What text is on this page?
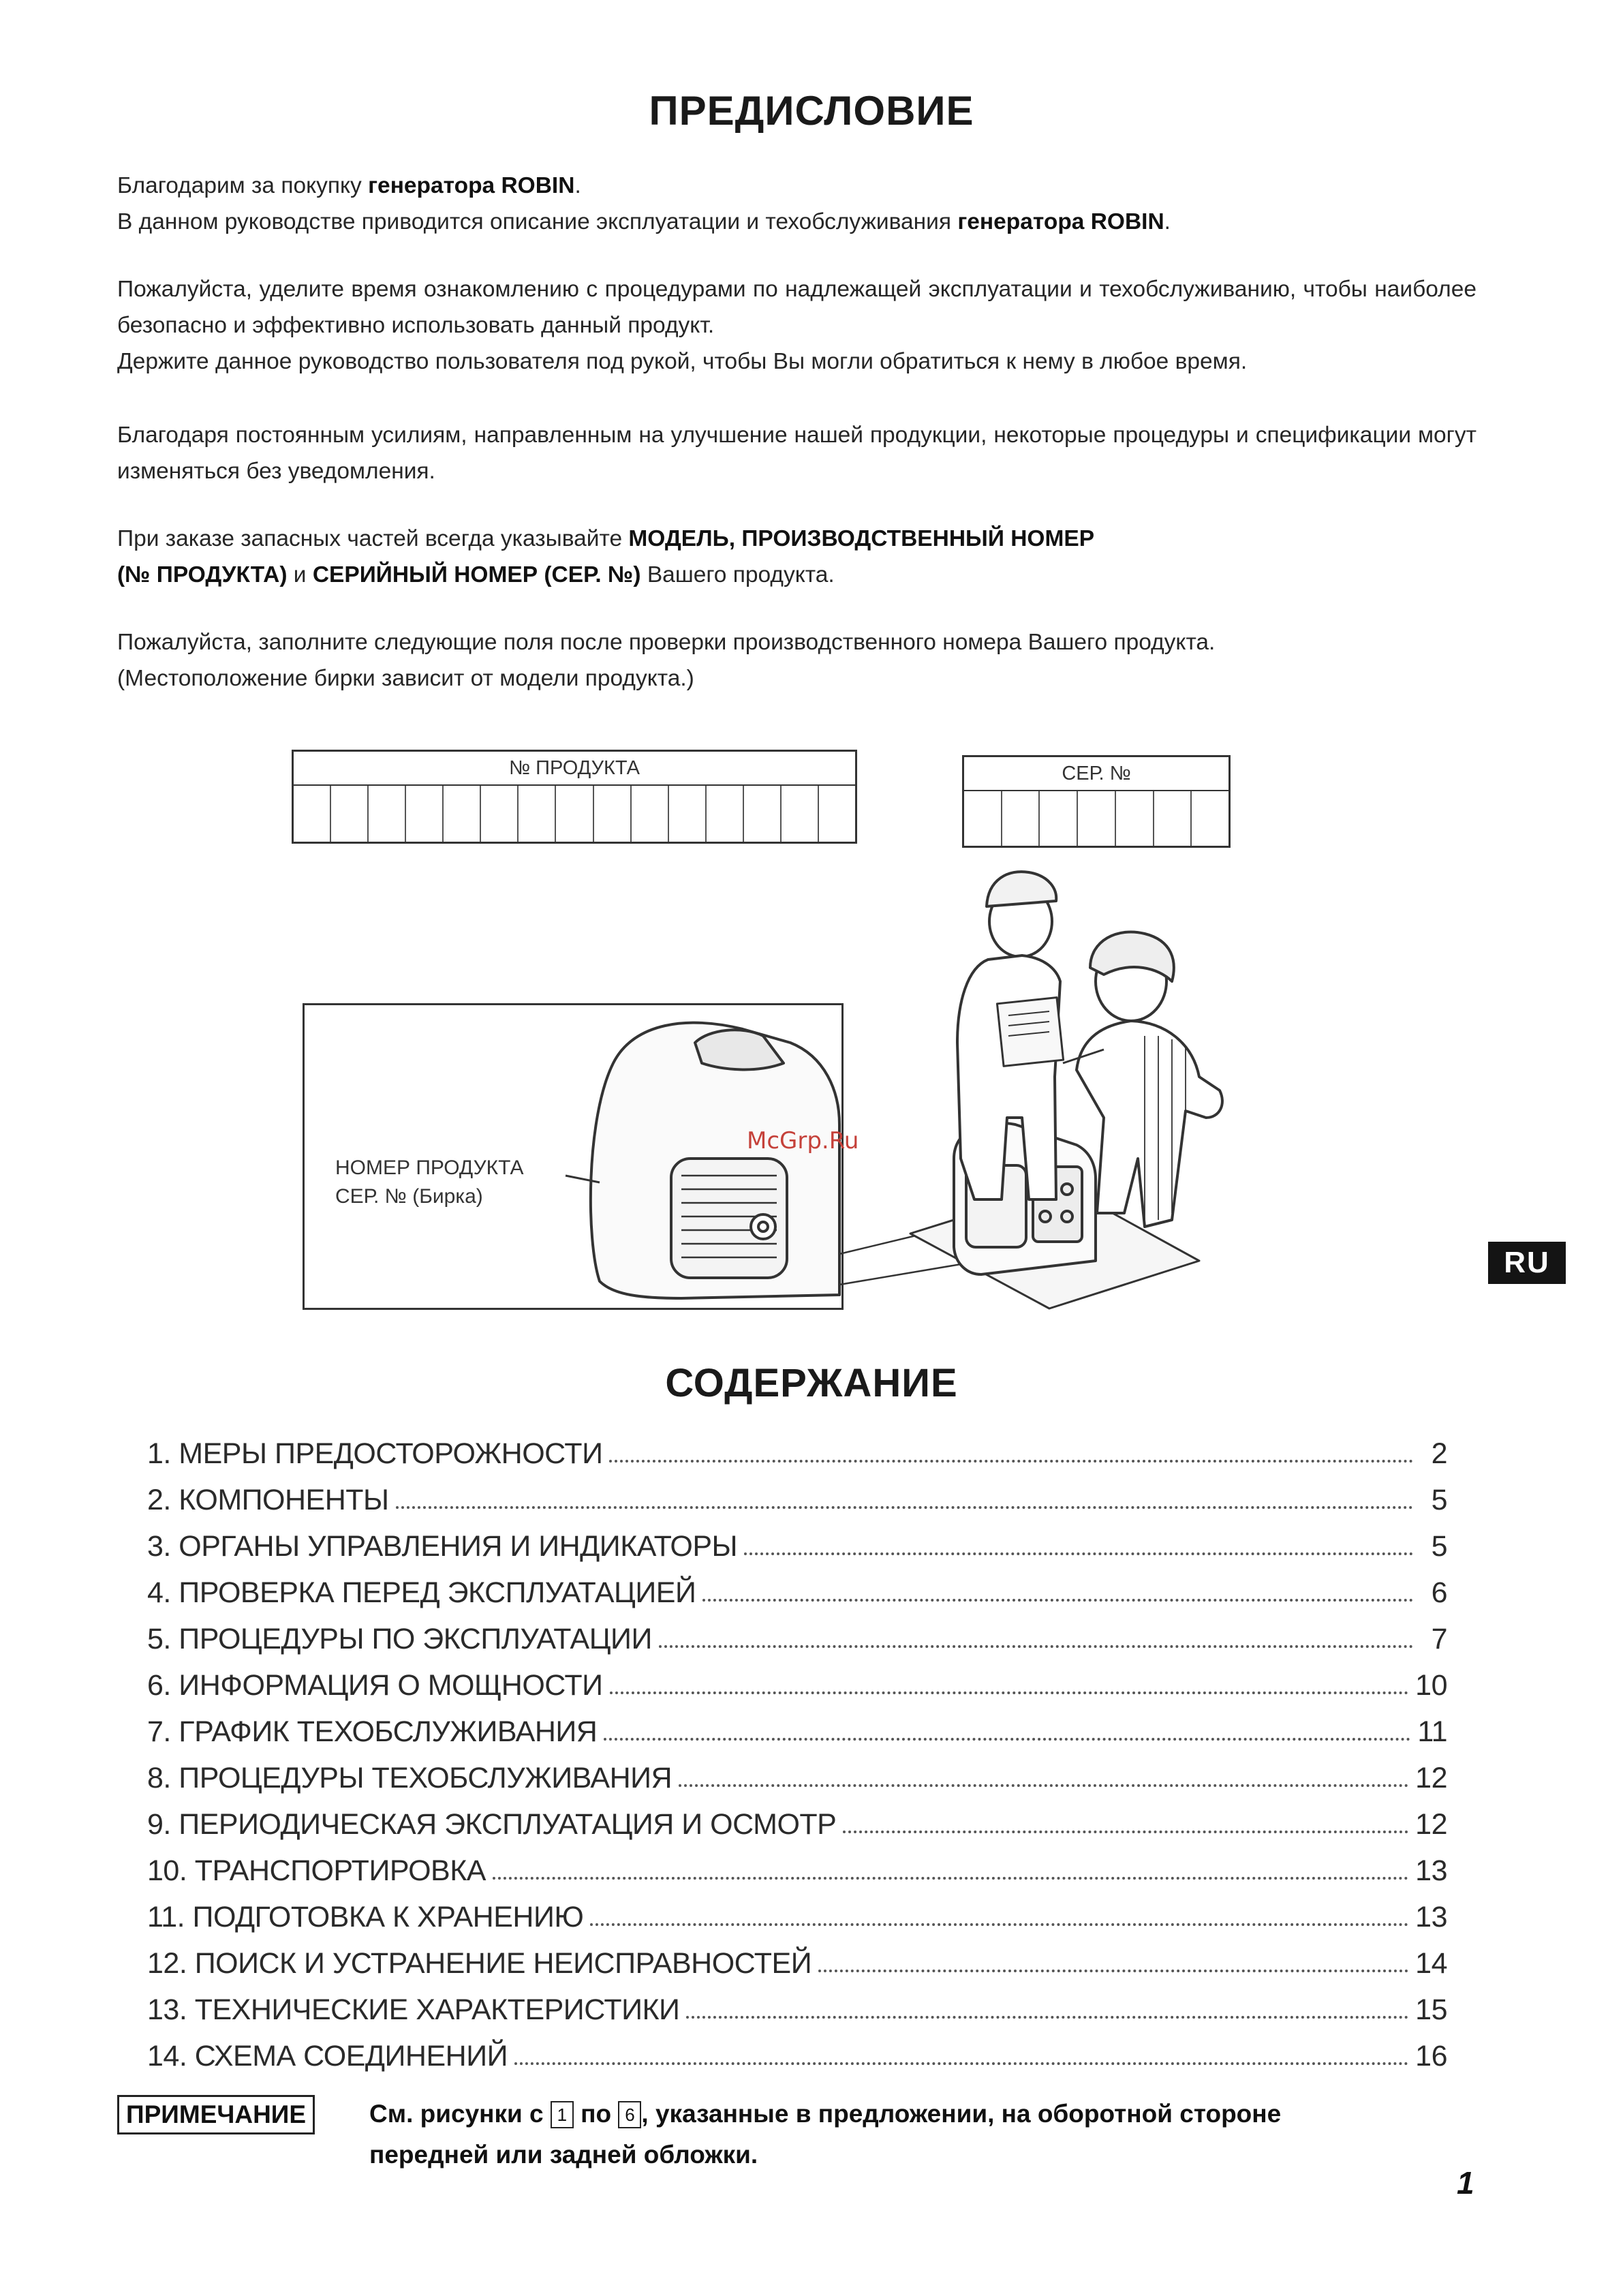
ПРЕДИСЛОВИЕ
Благодарим за покупку генератора ROBIN.
В данном руководстве приводится описание эксплуатации и техобслуживания генератора ROBIN.
Пожалуйста, уделите время ознакомлению с процедурами по надлежащей эксплуатации и техобслуживанию, чтобы наиболее безопасно и эффективно использовать данный продукт.
Держите данное руководство пользователя под рукой, чтобы Вы могли обратиться к нему в любое время.
Благодаря постоянным усилиям, направленным на улучшение нашей продукции, некоторые процедуры и спецификации могут изменяться без уведомления.
При заказе запасных частей всегда указывайте МОДЕЛЬ, ПРОИЗВОДСТВЕННЫЙ НОМЕР
(№ ПРОДУКТА) и СЕРИЙНЫЙ НОМЕР (СЕР. №) Вашего продукта.
Пожалуйста, заполните следующие поля после проверки производственного номера Вашего продукта.
(Местоположение бирки зависит от модели продукта.)
№ ПРОДУКТА	СЕР. №
НОМЕР ПРОДУКТА
СЕР. № (Бирка)
McGrp.Ru
RU
СОДЕРЖАНИЕ
1. МЕРЫ ПРЕДОСТОРОЖНОСТИ	2
2. КОМПОНЕНТЫ	5
3. ОРГАНЫ УПРАВЛЕНИЯ И ИНДИКАТОРЫ	5
4. ПРОВЕРКА ПЕРЕД ЭКСПЛУАТАЦИЕЙ	6
5. ПРОЦЕДУРЫ ПО ЭКСПЛУАТАЦИИ	7
6. ИНФОРМАЦИЯ О МОЩНОСТИ	10
7. ГРАФИК ТЕХОБСЛУЖИВАНИЯ	11
8. ПРОЦЕДУРЫ ТЕХОБСЛУЖИВАНИЯ	12
9. ПЕРИОДИЧЕСКАЯ ЭКСПЛУАТАЦИЯ И ОСМОТР	12
10. ТРАНСПОРТИРОВКА	13
11. ПОДГОТОВКА К ХРАНЕНИЮ	13
12. ПОИСК И УСТРАНЕНИЕ НЕИСПРАВНОСТЕЙ	14
13. ТЕХНИЧЕСКИЕ ХАРАКТЕРИСТИКИ	15
14. СХЕМА СОЕДИНЕНИЙ	16
ПРИМЕЧАНИЕ	См. рисунки с 1 по 6 , указанные в предложении, на оборотной стороне
передней или задней обложки.
1
